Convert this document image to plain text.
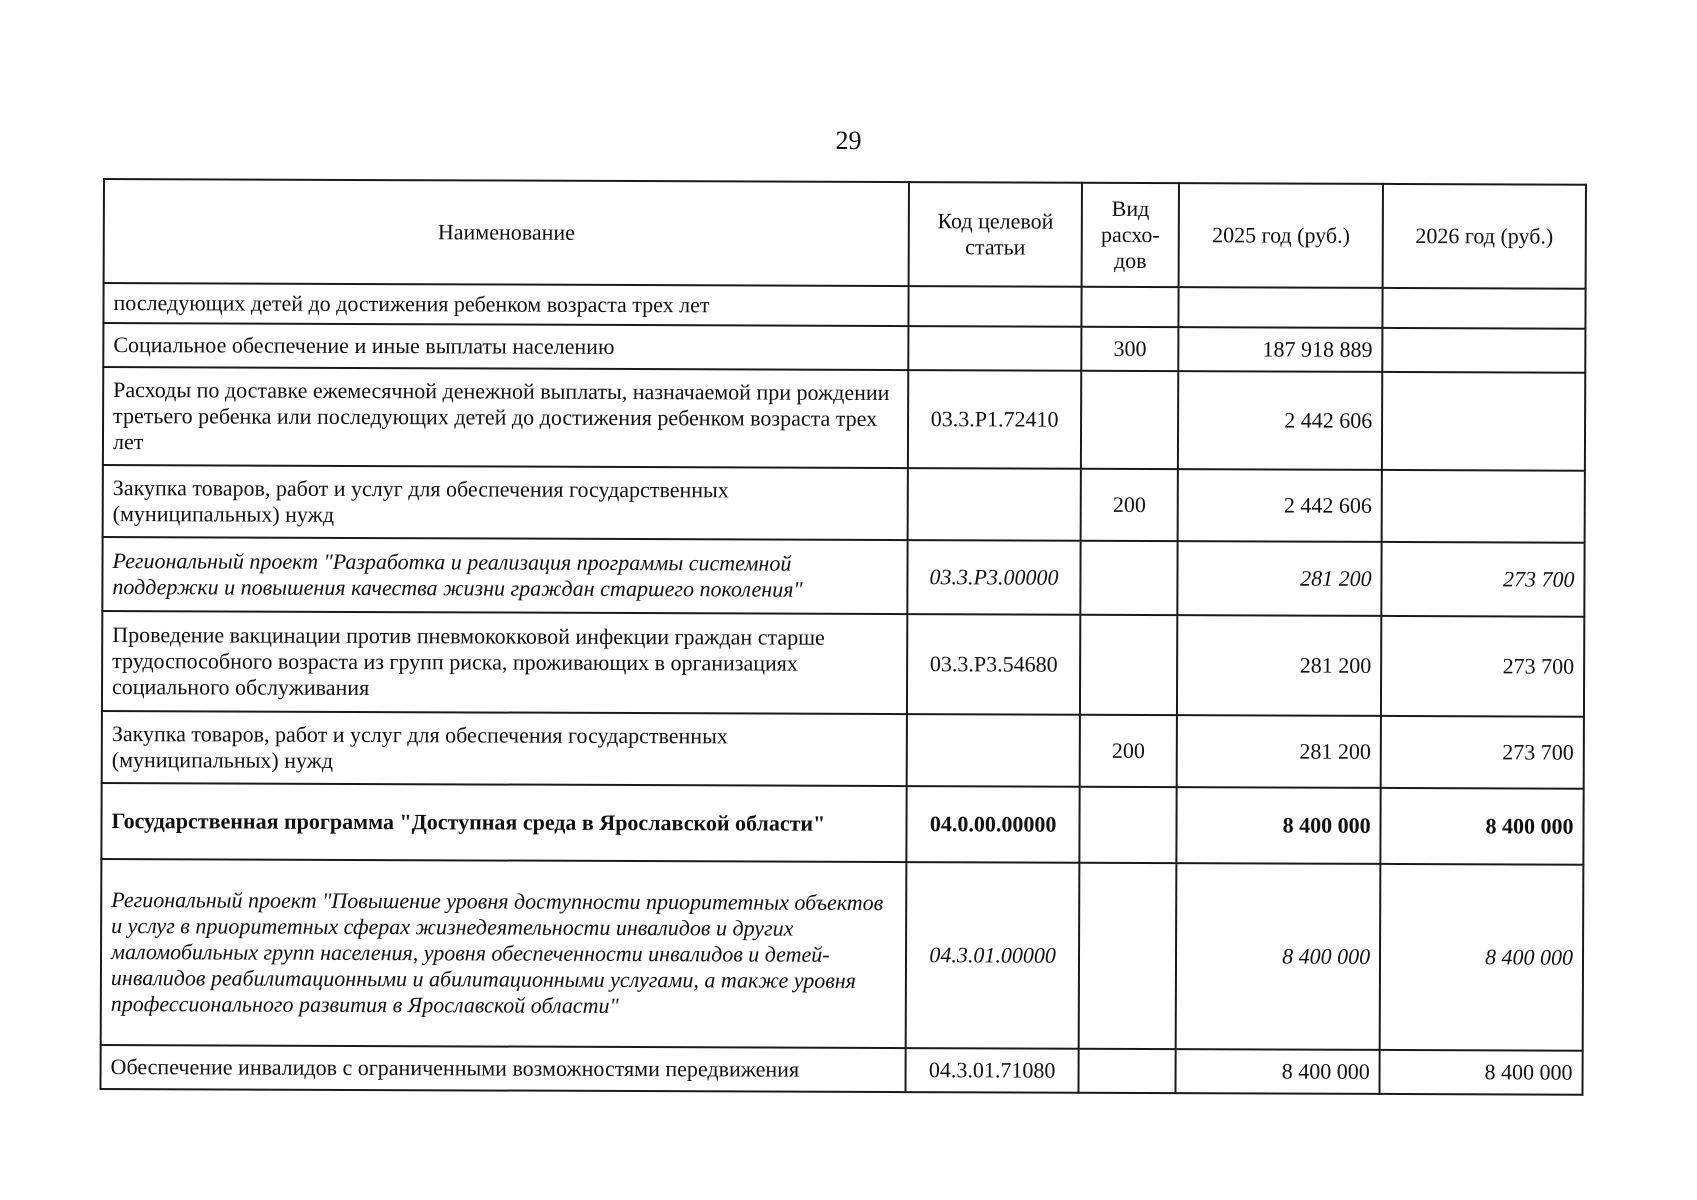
29
Наименование	Код целевой статьи	Вид расхо-дов	2025 год (руб.)	2026 год (руб.)
последующих детей до достижения ребенком возраста трех лет				
Социальное обеспечение и иные выплаты населению		300	187 918 889	
Расходы по доставке ежемесячной денежной выплаты, назначаемой при рождении третьего ребенка или последующих детей до достижения ребенком возраста трех лет	03.3.P1.72410		2 442 606	
Закупка товаров, работ и услуг для обеспечения государственных (муниципальных) нужд		200	2 442 606	
Региональный проект "Разработка и реализация программы системной поддержки и повышения качества жизни граждан старшего поколения"	03.3.P3.00000		281 200	273 700
Проведение вакцинации против пневмококковой инфекции граждан старше трудоспособного возраста из групп риска, проживающих в организациях социального обслуживания	03.3.P3.54680		281 200	273 700
Закупка товаров, работ и услуг для обеспечения государственных (муниципальных) нужд		200	281 200	273 700
Государственная программа "Доступная среда в Ярославской области"	04.0.00.00000		8 400 000	8 400 000
Региональный проект "Повышение уровня доступности приоритетных объектов и услуг в приоритетных сферах жизнедеятельности инвалидов и других маломобильных групп населения, уровня обеспеченности инвалидов и детей-инвалидов реабилитационными и абилитационными услугами, а также уровня профессионального развития в Ярославской области"	04.3.01.00000		8 400 000	8 400 000
Обеспечение инвалидов с ограниченными возможностями передвижения	04.3.01.71080		8 400 000	8 400 000
